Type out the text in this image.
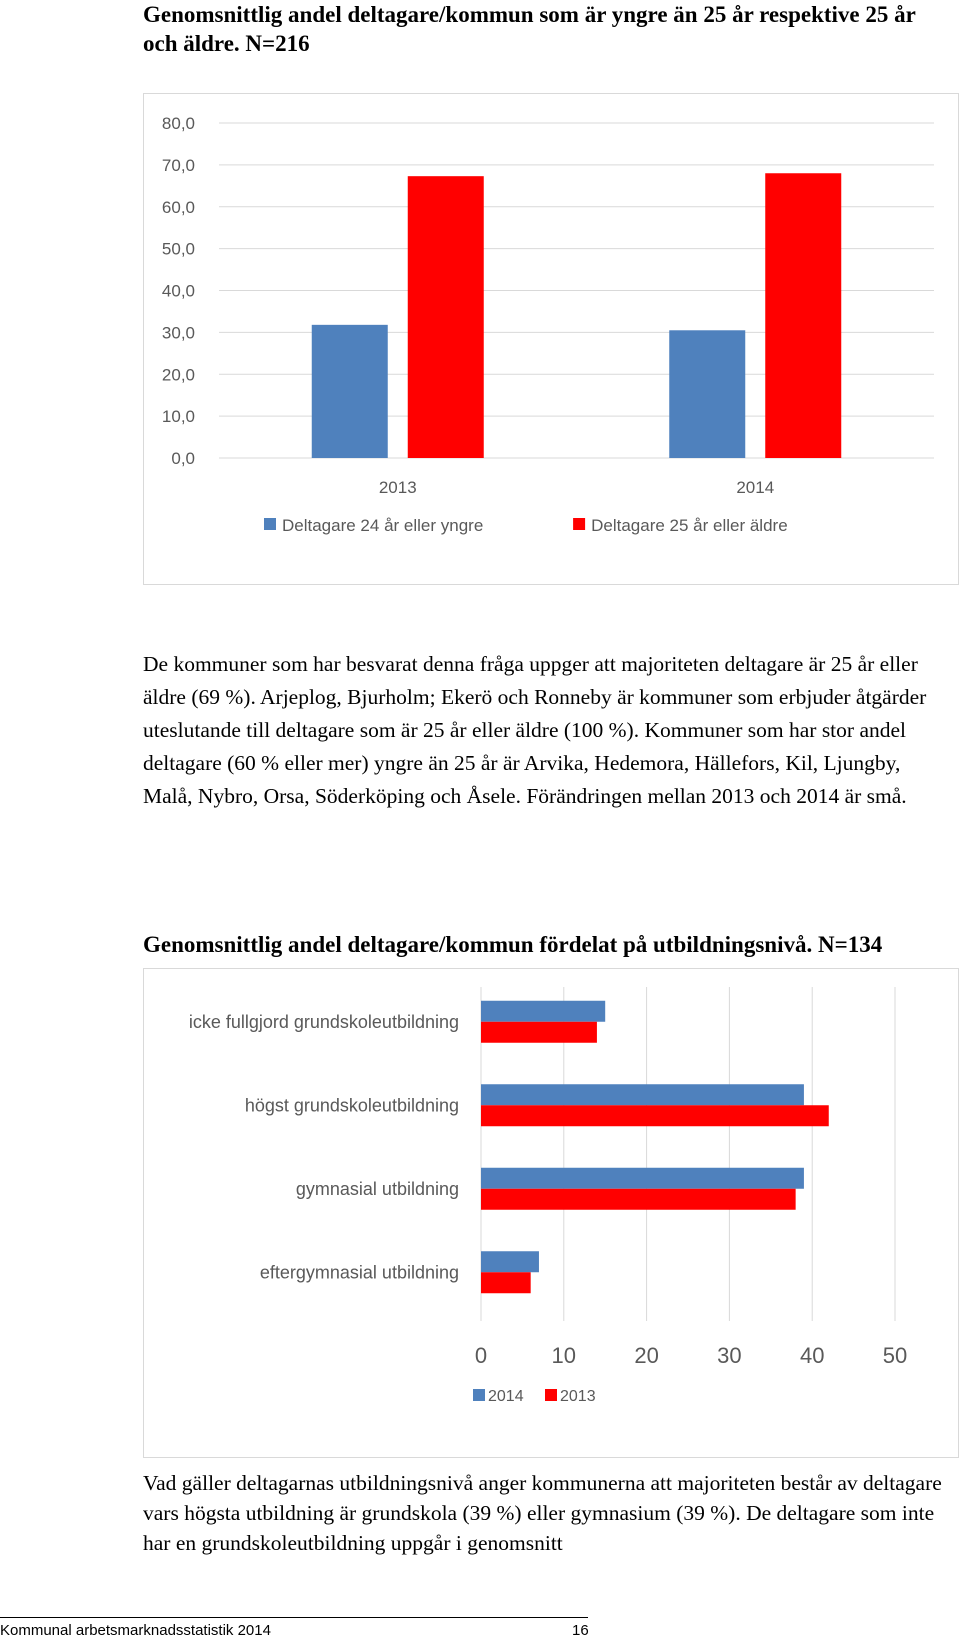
Genomsnittlig andel deltagare/kommun som är yngre än 25 år respektive 25 år och äldre. N=216
0,0
10,0
20,0
30,0
40,0
50,0
60,0
70,0
80,0
2013	2014
Deltagare 24 år eller yngre	Deltagare 25 år eller äldre

De kommuner som har besvarat denna fråga uppger att majoriteten deltagare är 25 år eller äldre (69 %). Arjeplog, Bjurholm; Ekerö och Ronneby är kommuner som erbjuder åtgärder uteslutande till deltagare som är 25 år eller äldre (100 %). Kommuner som har stor andel deltagare (60 % eller mer) yngre än 25 år är Arvika, Hedemora, Hällefors, Kil, Ljungby, Malå, Nybro, Orsa, Söderköping och Åsele. Förändringen mellan 2013 och 2014 är små.

Genomsnittlig andel deltagare/kommun fördelat på utbildningsnivå. N=134
0	10	20	30	40	50
icke fullgjord grundskoleutbildning
högst grundskoleutbildning
gymnasial utbildning
eftergymnasial utbildning
2014 2013

Vad gäller deltagarnas utbildningsnivå anger kommunerna att majoriteten består av deltagare vars högsta utbildning är grundskola (39 %) eller gymnasium (39 %). De deltagare som inte har en grundskoleutbildning uppgår i genomsnitt

Kommunal arbetsmarknadsstatistik 2014	16
